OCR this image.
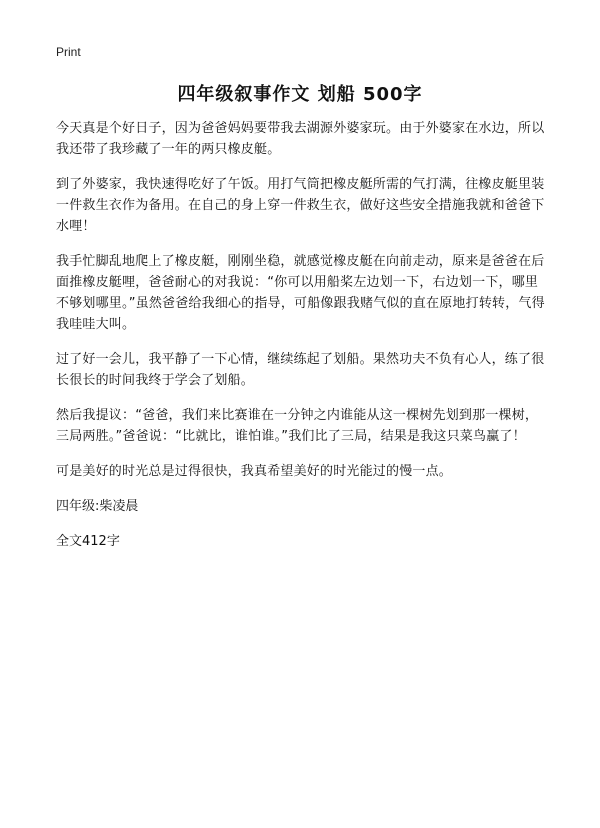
Print
四年级叙事作文 划船 500字

今天真是个好日子，因为爸爸妈妈要带我去湖源外婆家玩。由于外婆家在水边，所以我还带了我珍藏了一年的两只橡皮艇。

到了外婆家，我快速得吃好了午饭。用打气筒把橡皮艇所需的气打满，往橡皮艇里装一件救生衣作为备用。在自己的身上穿一件救生衣，做好这些安全措施我就和爸爸下水哩！

我手忙脚乱地爬上了橡皮艇，刚刚坐稳，就感觉橡皮艇在向前走动，原来是爸爸在后面推橡皮艇哩，爸爸耐心的对我说：“你可以用船桨左边划一下，右边划一下，哪里不够划哪里。”虽然爸爸给我细心的指导，可船像跟我赌气似的直在原地打转转，气得我哇哇大叫。

过了好一会儿，我平静了一下心情，继续练起了划船。果然功夫不负有心人，练了很长很长的时间我终于学会了划船。

然后我提议：“爸爸，我们来比赛谁在一分钟之内谁能从这一棵树先划到那一棵树，三局两胜。”爸爸说：“比就比，谁怕谁。”我们比了三局，结果是我这只菜鸟赢了！

可是美好的时光总是过得很快，我真希望美好的时光能过的慢一点。

四年级:柴凌晨

全文412字
